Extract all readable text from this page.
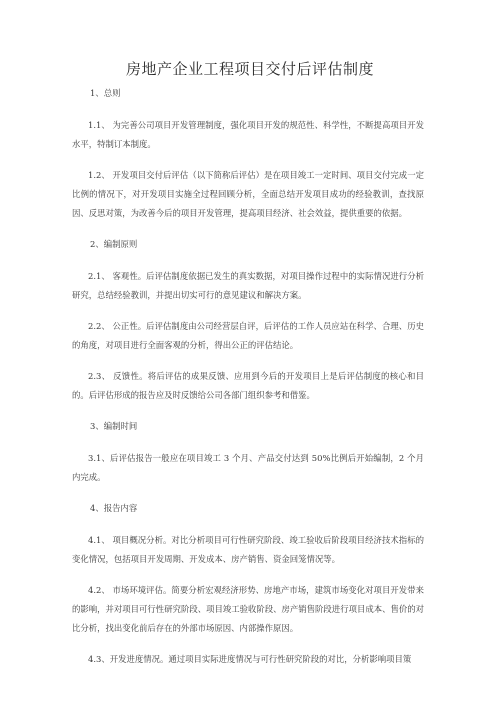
房地产企业工程项目交付后评估制度
1、总则

1.1、 为完善公司项目开发管理制度，强化项目开发的规范性、科学性，不断提高项目开发水平，特制订本制度。

1.2、 开发项目交付后评估（以下简称后评估）是在项目竣工一定时间、项目交付完成一定比例的情况下，对开发项目实施全过程回顾分析，全面总结开发项目成功的经验教训，查找原因、反思对策，为改善今后的项目开发管理，提高项目经济、社会效益，提供重要的依据。

2、编制原则

2.1、 客观性。后评估制度依据已发生的真实数据，对项目操作过程中的实际情况进行分析研究，总结经验教训，并提出切实可行的意见建议和解决方案。

2.2、 公正性。后评估制度由公司经营层自评，后评估的工作人员应站在科学、合理、历史的角度，对项目进行全面客观的分析，得出公正的评估结论。

2.3、 反馈性。将后评估的成果反馈、应用到今后的开发项目上是后评估制度的核心和目的。后评估形成的报告应及时反馈给公司各部门组织参考和借鉴。

3、编制时间

3.1、后评估报告一般应在项目竣工 3 个月、产品交付达到 50%比例后开始编制，2 个月内完成。

4、报告内容

4.1、 项目概况分析。对比分析项目可行性研究阶段、竣工验收后阶段项目经济技术指标的变化情况，包括项目开发周期、开发成本、房产销售、资金回笼情况等。

4.2、 市场环境评估。简要分析宏观经济形势、房地产市场，建筑市场变化对项目开发带来的影响，并对项目可行性研究阶段、项目竣工验收阶段、房产销售阶段进行项目成本、售价的对比分析，找出变化前后存在的外部市场原因、内部操作原因。

4.3、开发进度情况。通过项目实际进度情况与可行性研究阶段的对比，分析影响项目策
